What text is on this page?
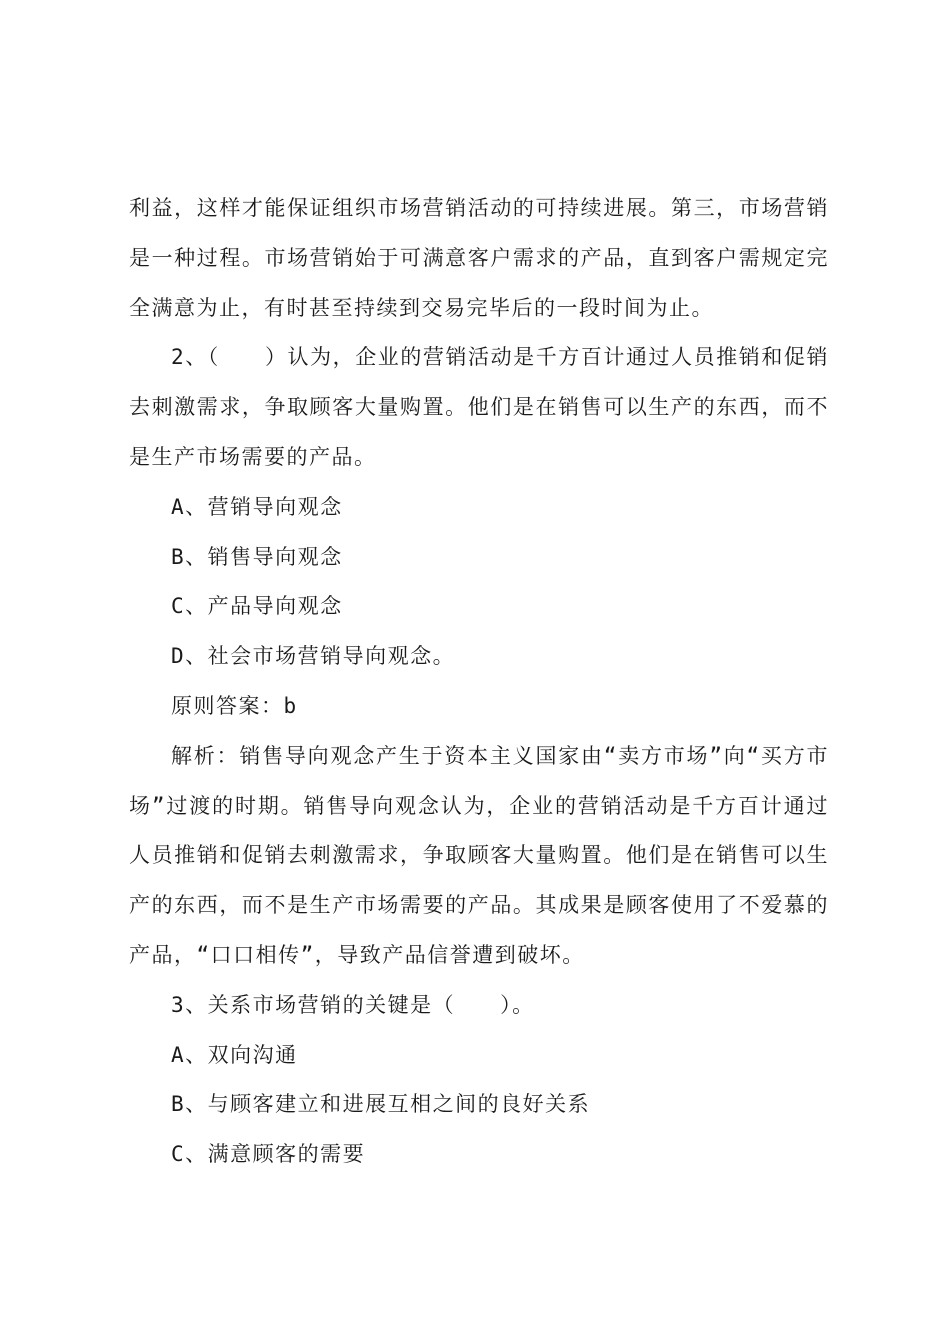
利益，这样才能保证组织市场营销活动的可持续进展。第三，市场营销是一种过程。市场营销始于可满意客户需求的产品，直到客户需规定完全满意为止，有时甚至持续到交易完毕后的一段时间为止。

2、（　　）认为，企业的营销活动是千方百计通过人员推销和促销去刺激需求，争取顾客大量购置。他们是在销售可以生产的东西，而不是生产市场需要的产品。

A、营销导向观念

B、销售导向观念

C、产品导向观念

D、社会市场营销导向观念。

原则答案：b

解析：销售导向观念产生于资本主义国家由“卖方市场”向“买方市场”过渡的时期。销售导向观念认为，企业的营销活动是千方百计通过人员推销和促销去刺激需求，争取顾客大量购置。他们是在销售可以生产的东西，而不是生产市场需要的产品。其成果是顾客使用了不爱慕的产品，“口口相传”，导致产品信誉遭到破坏。

3、关系市场营销的关键是（　　）。

A、双向沟通

B、与顾客建立和进展互相之间的良好关系

C、满意顾客的需要
